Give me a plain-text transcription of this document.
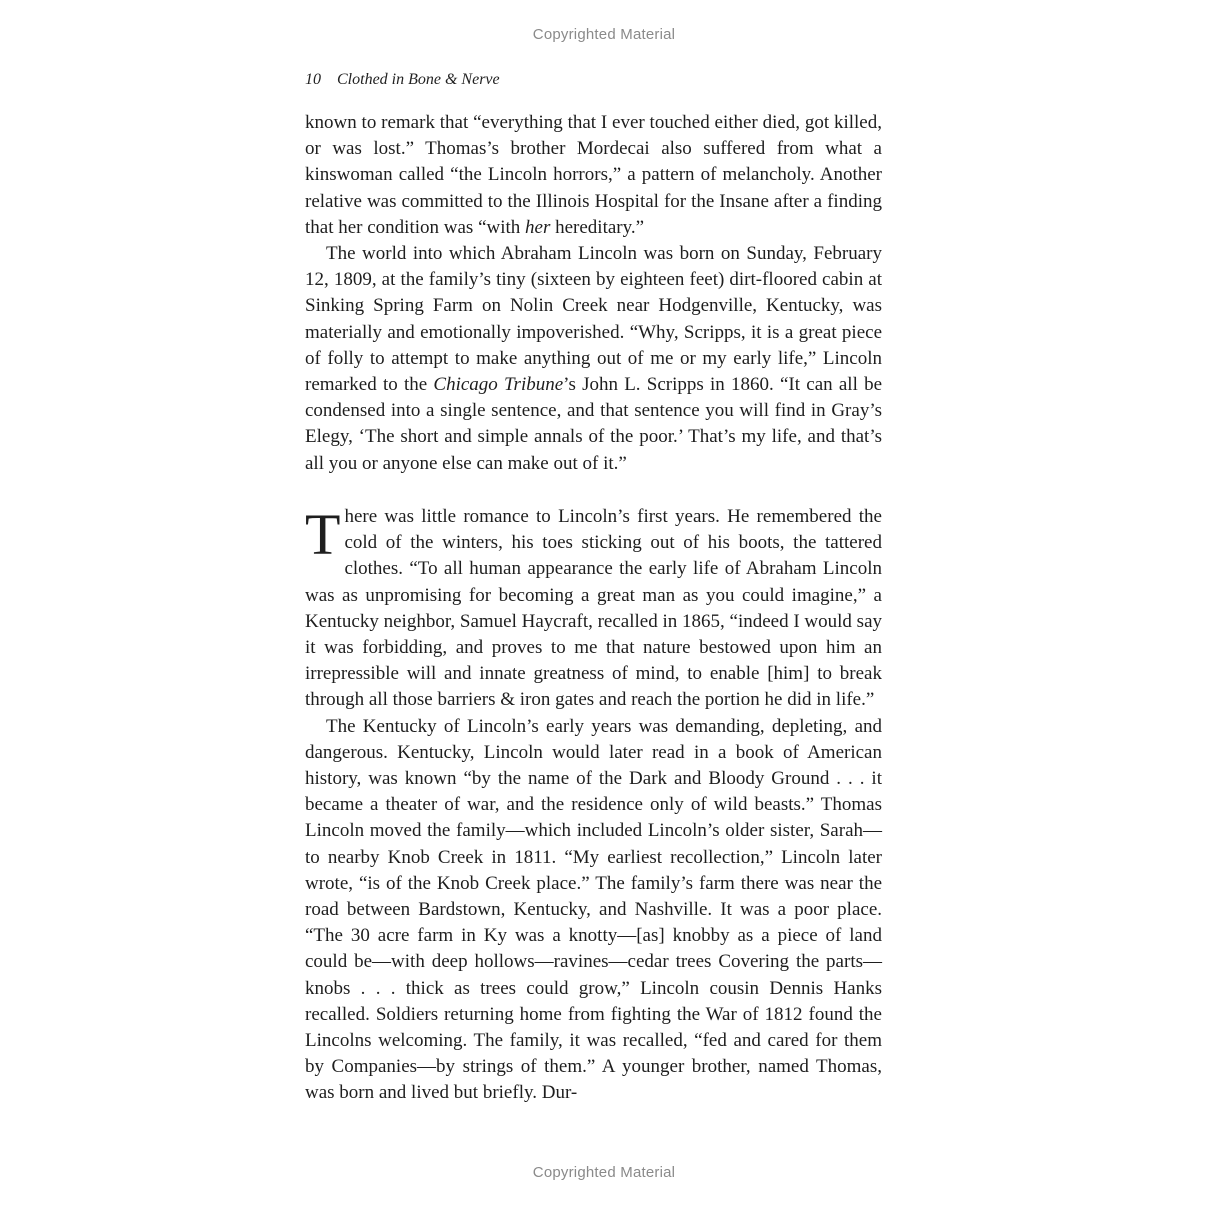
Copyrighted Material
10 Clothed in Bone & Nerve

known to remark that “everything that I ever touched either died, got killed, or was lost.” Thomas’s brother Mordecai also suffered from what a kinswoman called “the Lincoln horrors,” a pattern of melancholy. Another relative was committed to the Illinois Hospital for the Insane after a finding that her condition was “with her hereditary.”

The world into which Abraham Lincoln was born on Sunday, February 12, 1809, at the family’s tiny (sixteen by eighteen feet) dirt-floored cabin at Sinking Spring Farm on Nolin Creek near Hodgenville, Kentucky, was materially and emotionally impoverished. “Why, Scripps, it is a great piece of folly to attempt to make anything out of me or my early life,” Lincoln remarked to the Chicago Tribune’s John L. Scripps in 1860. “It can all be condensed into a single sentence, and that sentence you will find in Gray’s Elegy, ‘The short and simple annals of the poor.’ That’s my life, and that’s all you or anyone else can make out of it.”

There was little romance to Lincoln’s first years. He remembered the cold of the winters, his toes sticking out of his boots, the tattered clothes. “To all human appearance the early life of Abraham Lincoln was as unpromising for becoming a great man as you could imagine,” a Kentucky neighbor, Samuel Haycraft, recalled in 1865, “indeed I would say it was forbidding, and proves to me that nature bestowed upon him an irrepressible will and innate greatness of mind, to enable [him] to break through all those barriers & iron gates and reach the portion he did in life.”

The Kentucky of Lincoln’s early years was demanding, depleting, and dangerous. Kentucky, Lincoln would later read in a book of American history, was known “by the name of the Dark and Bloody Ground . . . it became a theater of war, and the residence only of wild beasts.” Thomas Lincoln moved the family—which included Lincoln’s older sister, Sarah—to nearby Knob Creek in 1811. “My earliest recollection,” Lincoln later wrote, “is of the Knob Creek place.” The family’s farm there was near the road between Bardstown, Kentucky, and Nashville. It was a poor place. “The 30 acre farm in Ky was a knotty—[as] knobby as a piece of land could be—with deep hollows—ravines—cedar trees Covering the parts—knobs . . . thick as trees could grow,” Lincoln cousin Dennis Hanks recalled. Soldiers returning home from fighting the War of 1812 found the Lincolns welcoming. The family, it was recalled, “fed and cared for them by Companies—by strings of them.” A younger brother, named Thomas, was born and lived but briefly. Dur-

Copyrighted Material
